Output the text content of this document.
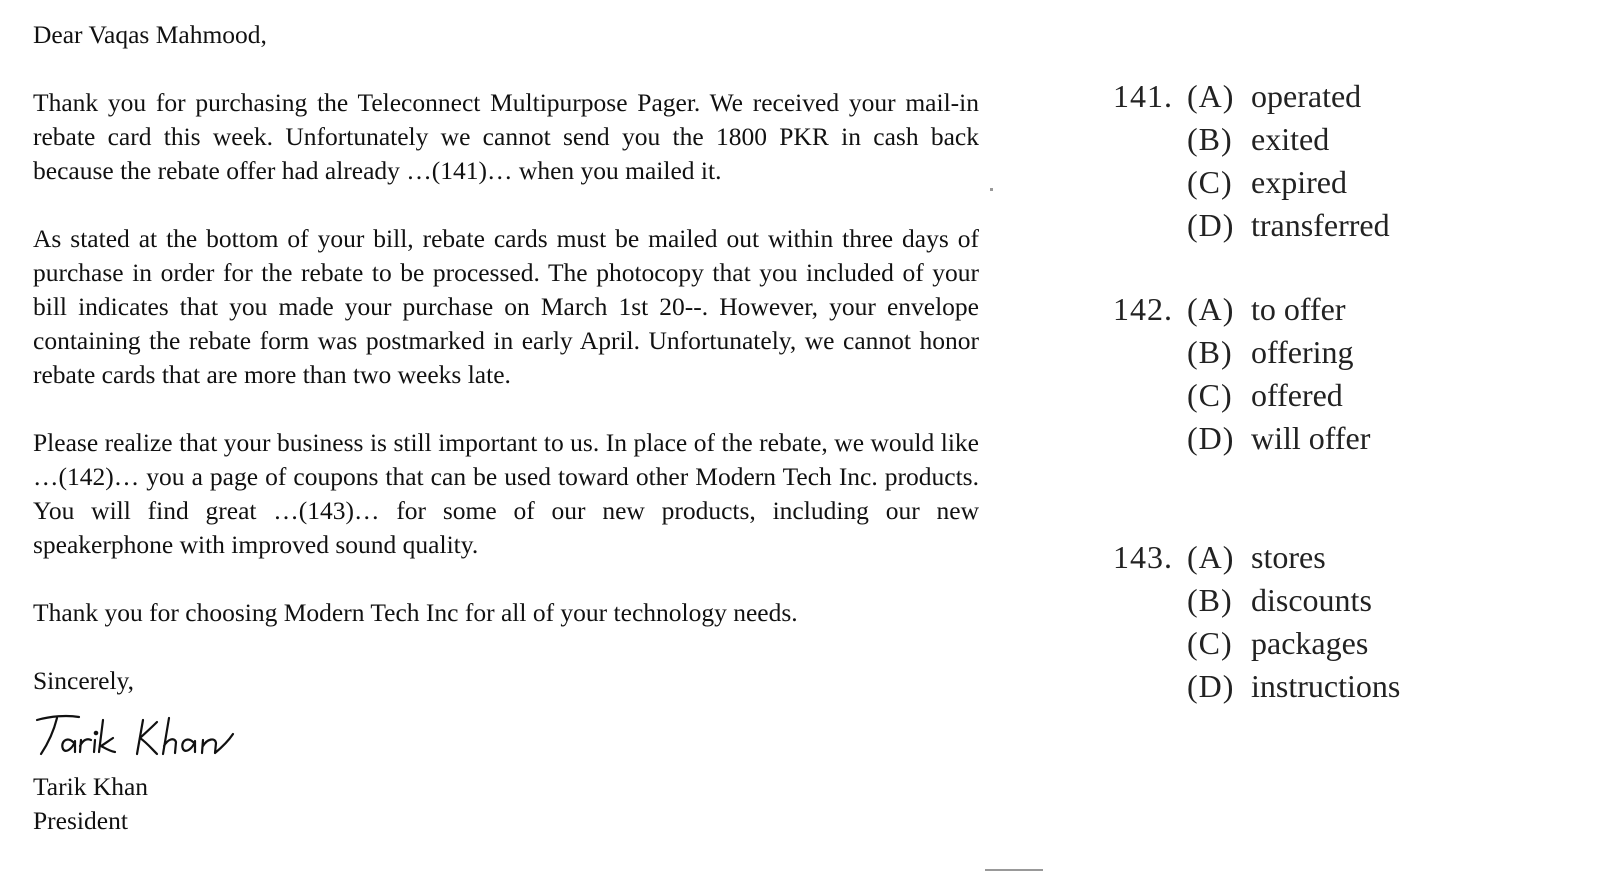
Dear Vaqas Mahmood,

Thank you for purchasing the Teleconnect Multipurpose Pager. We received your mail-in rebate card this week. Unfortunately we cannot send you the 1800 PKR in cash back because the rebate offer had already …(141)… when you mailed it.

As stated at the bottom of your bill, rebate cards must be mailed out within three days of purchase in order for the rebate to be processed. The photocopy that you included of your bill indicates that you made your purchase on March 1st 20--. However, your envelope containing the rebate form was postmarked in early April. Unfortunately, we cannot honor rebate cards that are more than two weeks late.

Please realize that your business is still important to us. In place of the rebate, we would like …(142)… you a page of coupons that can be used toward other Modern Tech Inc. products. You will find great …(143)… for some of our new products, including our new speakerphone with improved sound quality.

Thank you for choosing Modern Tech Inc for all of your technology needs.

Sincerely,

Tarik Khan

President

141. (A) operated
(B) exited
(C) expired
(D) transferred
142. (A) to offer
(B) offering
(C) offered
(D) will offer
143. (A) stores
(B) discounts
(C) packages
(D) instructions
